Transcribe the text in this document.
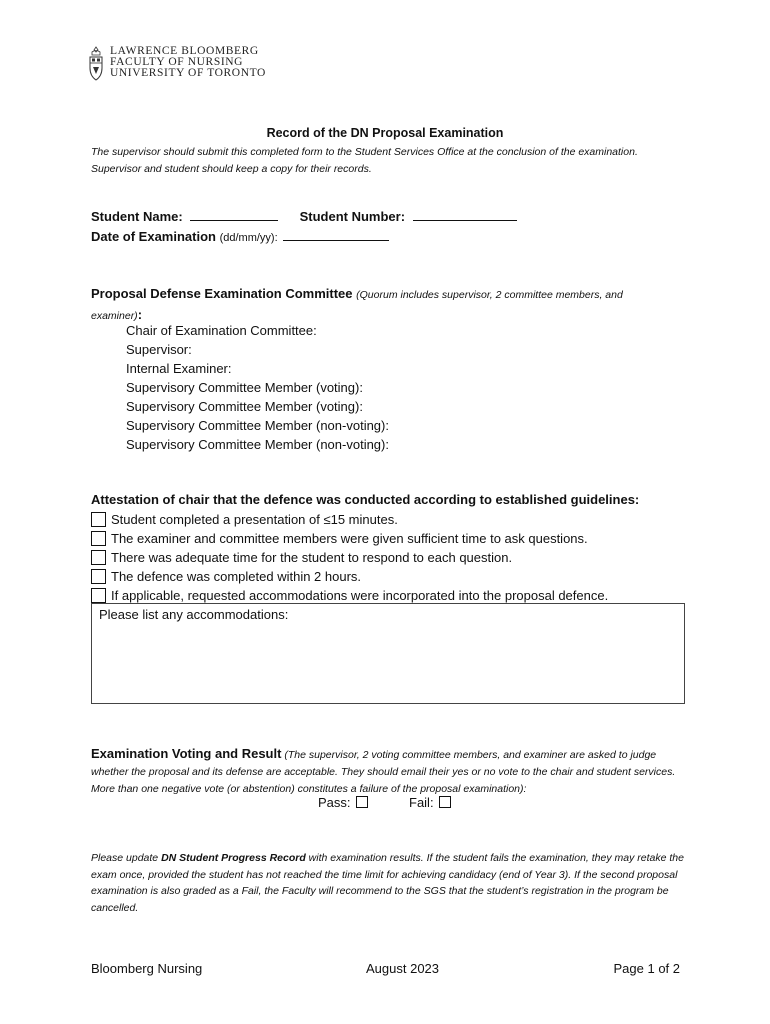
LAWRENCE BLOOMBERG
FACULTY OF NURSING
UNIVERSITY OF TORONTO
Record of the DN Proposal Examination
The supervisor should submit this completed form to the Student Services Office at the conclusion of the examination. Supervisor and student should keep a copy for their records.
Student Name:	Student Number:
Date of Examination (dd/mm/yy):
Proposal Defense Examination Committee (Quorum includes supervisor, 2 committee members, and examiner):
Chair of Examination Committee:
Supervisor:
Internal Examiner:
Supervisory Committee Member (voting):
Supervisory Committee Member (voting):
Supervisory Committee Member (non-voting):
Supervisory Committee Member (non-voting):
Attestation of chair that the defence was conducted according to established guidelines:
Student completed a presentation of ≤15 minutes.
The examiner and committee members were given sufficient time to ask questions.
There was adequate time for the student to respond to each question.
The defence was completed within 2 hours.
If applicable, requested accommodations were incorporated into the proposal defence.
Please list any accommodations:
Examination Voting and Result (The supervisor, 2 voting committee members, and examiner are asked to judge whether the proposal and its defense are acceptable. They should email their yes or no vote to the chair and student services. More than one negative vote (or abstention) constitutes a failure of the proposal examination):
Pass:	Fail:
Please update DN Student Progress Record with examination results. If the student fails the examination, they may retake the exam once, provided the student has not reached the time limit for achieving candidacy (end of Year 3). If the second proposal examination is also graded as a Fail, the Faculty will recommend to the SGS that the student’s registration in the program be cancelled.
Bloomberg Nursing	August 2023	Page 1 of 2
